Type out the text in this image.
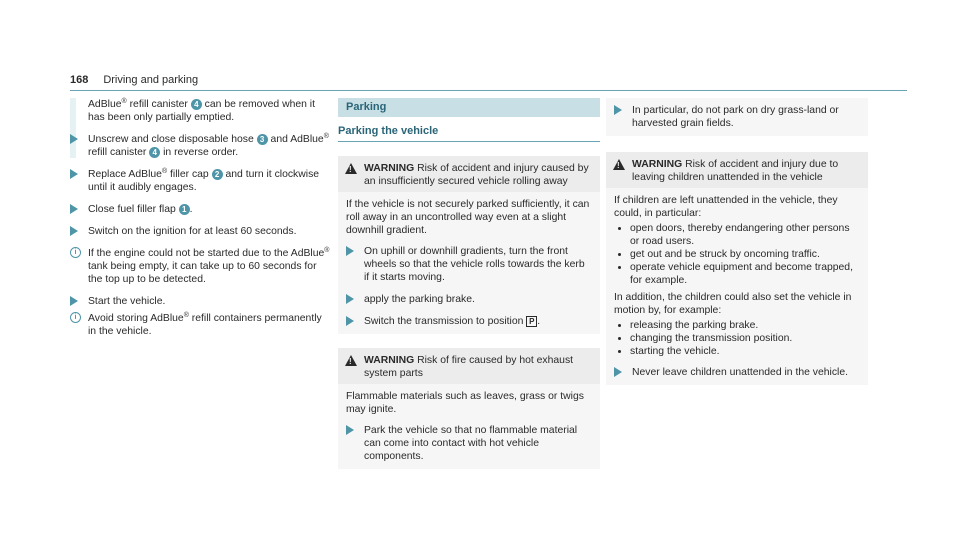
168 Driving and parking

AdBlue® refill canister 4 can be removed when it has been only partially emptied.

Unscrew and close disposable hose 3 and AdBlue® refill canister 4 in reverse order.
Replace AdBlue® filler cap 2 and turn it clockwise until it audibly engages.
Close fuel filler flap 1 .
Switch on the ignition for at least 60 seconds.
i	If the engine could not be started due to the AdBlue® tank being empty, it can take up to 60 seconds for the top up to be detected.
Start the vehicle.
i	Avoid storing AdBlue® refill containers permanently in the vehicle.
Parking
Parking the vehicle
!
WARNING Risk of accident and injury caused by an insufficiently secured vehicle rolling away

If the vehicle is not securely parked sufficiently, it can roll away in an uncontrolled way even at a slight downhill gradient.

On uphill or downhill gradients, turn the front wheels so that the vehicle rolls towards the kerb if it starts moving.
apply the parking brake.
Switch the transmission to position P .
!
WARNING Risk of fire caused by hot exhaust system parts

Flammable materials such as leaves, grass or twigs may ignite.

Park the vehicle so that no flammable material can come into contact with hot vehicle components.
In particular, do not park on dry grass-land or harvested grain fields.
!
WARNING Risk of accident and injury due to leaving children unattended in the vehicle

If children are left unattended in the vehicle, they could, in particular:

• open doors, thereby endangering other persons or road users.
• get out and be struck by oncoming traffic.
• operate vehicle equipment and become trapped, for example.

In addition, the children could also set the vehicle in motion by, for example:

• releasing the parking brake.
• changing the transmission position.
• starting the vehicle.
Never leave children unattended in the vehicle.
